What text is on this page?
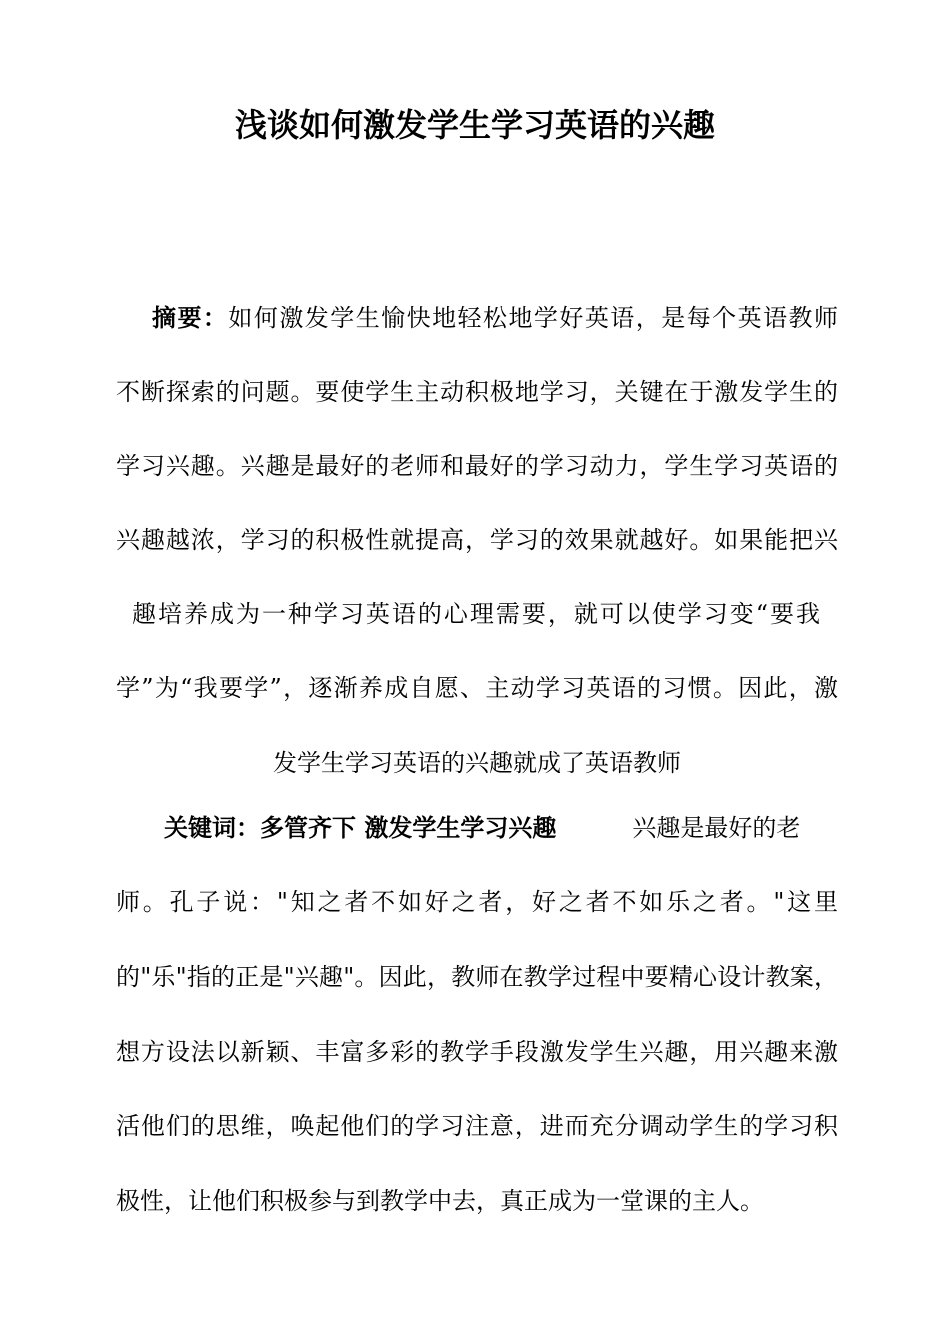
浅谈如何激发学生学习英语的兴趣
摘要：如何激发学生愉快地轻松地学好英语，是每个英语教师
不断探索的问题。要使学生主动积极地学习，关键在于激发学生的
学习兴趣。兴趣是最好的老师和最好的学习动力，学生学习英语的
兴趣越浓，学习的积极性就提高，学习的效果就越好。如果能把兴
趣培养成为一种学习英语的心理需要，就可以使学习变“要我
学”为“我要学”，逐渐养成自愿、主动学习英语的习惯。因此，激
发学生学习英语的兴趣就成了英语教师
关键词：多管齐下 激发学生学习兴趣	兴趣是最好的老
师。孔子说："知之者不如好之者，好之者不如乐之者。"这里
的"乐"指的正是"兴趣"。因此，教师在教学过程中要精心设计教案，
想方设法以新颖、丰富多彩的教学手段激发学生兴趣，用兴趣来激
活他们的思维，唤起他们的学习注意，进而充分调动学生的学习积
极性，让他们积极参与到教学中去，真正成为一堂课的主人。
